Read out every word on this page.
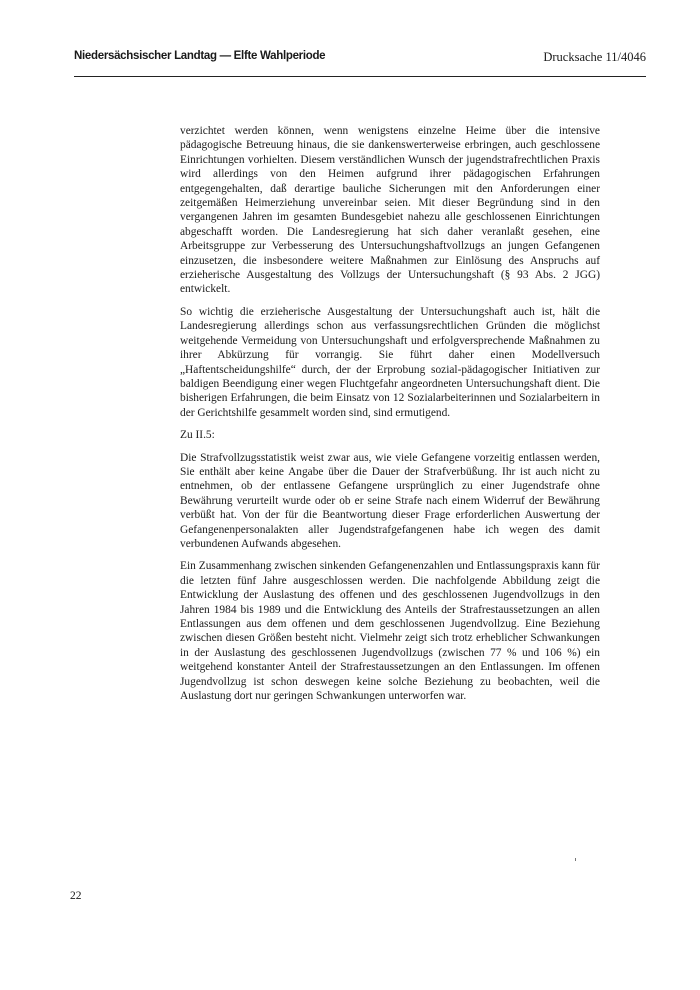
Niedersächsischer Landtag — Elfte Wahlperiode	Drucksache 11/4046

verzichtet werden können, wenn wenigstens einzelne Heime über die intensive pädagogische Betreuung hinaus, die sie dankenswerterweise erbringen, auch geschlossene Einrichtungen vorhielten. Diesem verständlichen Wunsch der jugendstrafrechtlichen Praxis wird allerdings von den Heimen aufgrund ihrer pädagogischen Erfahrungen entgegengehalten, daß derartige bauliche Sicherungen mit den Anforderungen einer zeitgemäßen Heimerziehung unvereinbar seien. Mit dieser Begründung sind in den vergangenen Jahren im gesamten Bundesgebiet nahezu alle geschlossenen Einrichtungen abgeschafft worden. Die Landesregierung hat sich daher veranlaßt gesehen, eine Arbeitsgruppe zur Verbesserung des Untersuchungshaftvollzugs an jungen Gefangenen einzusetzen, die insbesondere weitere Maßnahmen zur Einlösung des Anspruchs auf erzieherische Ausgestaltung des Vollzugs der Untersuchungshaft (§ 93 Abs. 2 JGG) entwickelt.

So wichtig die erzieherische Ausgestaltung der Untersuchungshaft auch ist, hält die Landesregierung allerdings schon aus verfassungsrechtlichen Gründen die möglichst weitgehende Vermeidung von Untersuchungshaft und erfolgversprechende Maßnahmen zu ihrer Abkürzung für vorrangig. Sie führt daher einen Modellversuch „Haftentscheidungshilfe“ durch, der der Erprobung sozial-pädagogischer Initiativen zur baldigen Beendigung einer wegen Fluchtgefahr angeordneten Untersuchungshaft dient. Die bisherigen Erfahrungen, die beim Einsatz von 12 Sozialarbeiterinnen und Sozialarbeitern in der Gerichtshilfe gesammelt worden sind, sind ermutigend.

Zu II.5:

Die Strafvollzugsstatistik weist zwar aus, wie viele Gefangene vorzeitig entlassen werden, Sie enthält aber keine Angabe über die Dauer der Strafverbüßung. Ihr ist auch nicht zu entnehmen, ob der entlassene Gefangene ursprünglich zu einer Jugendstrafe ohne Bewährung verurteilt wurde oder ob er seine Strafe nach einem Widerruf der Bewährung verbüßt hat. Von der für die Beantwortung dieser Frage erforderlichen Auswertung der Gefangenenpersonalakten aller Jugendstrafgefangenen habe ich wegen des damit verbundenen Aufwands abgesehen.

Ein Zusammenhang zwischen sinkenden Gefangenenzahlen und Entlassungspraxis kann für die letzten fünf Jahre ausgeschlossen werden. Die nachfolgende Abbildung zeigt die Entwicklung der Auslastung des offenen und des geschlossenen Jugendvollzugs in den Jahren 1984 bis 1989 und die Entwicklung des Anteils der Strafrestaussetzungen an allen Entlassungen aus dem offenen und dem geschlossenen Jugendvollzug. Eine Beziehung zwischen diesen Größen besteht nicht. Vielmehr zeigt sich trotz erheblicher Schwankungen in der Auslastung des geschlossenen Jugendvollzugs (zwischen 77 % und 106 %) ein weitgehend konstanter Anteil der Strafrestaussetzungen an den Entlassungen. Im offenen Jugendvollzug ist schon deswegen keine solche Beziehung zu beobachten, weil die Auslastung dort nur geringen Schwankungen unterworfen war.

22
